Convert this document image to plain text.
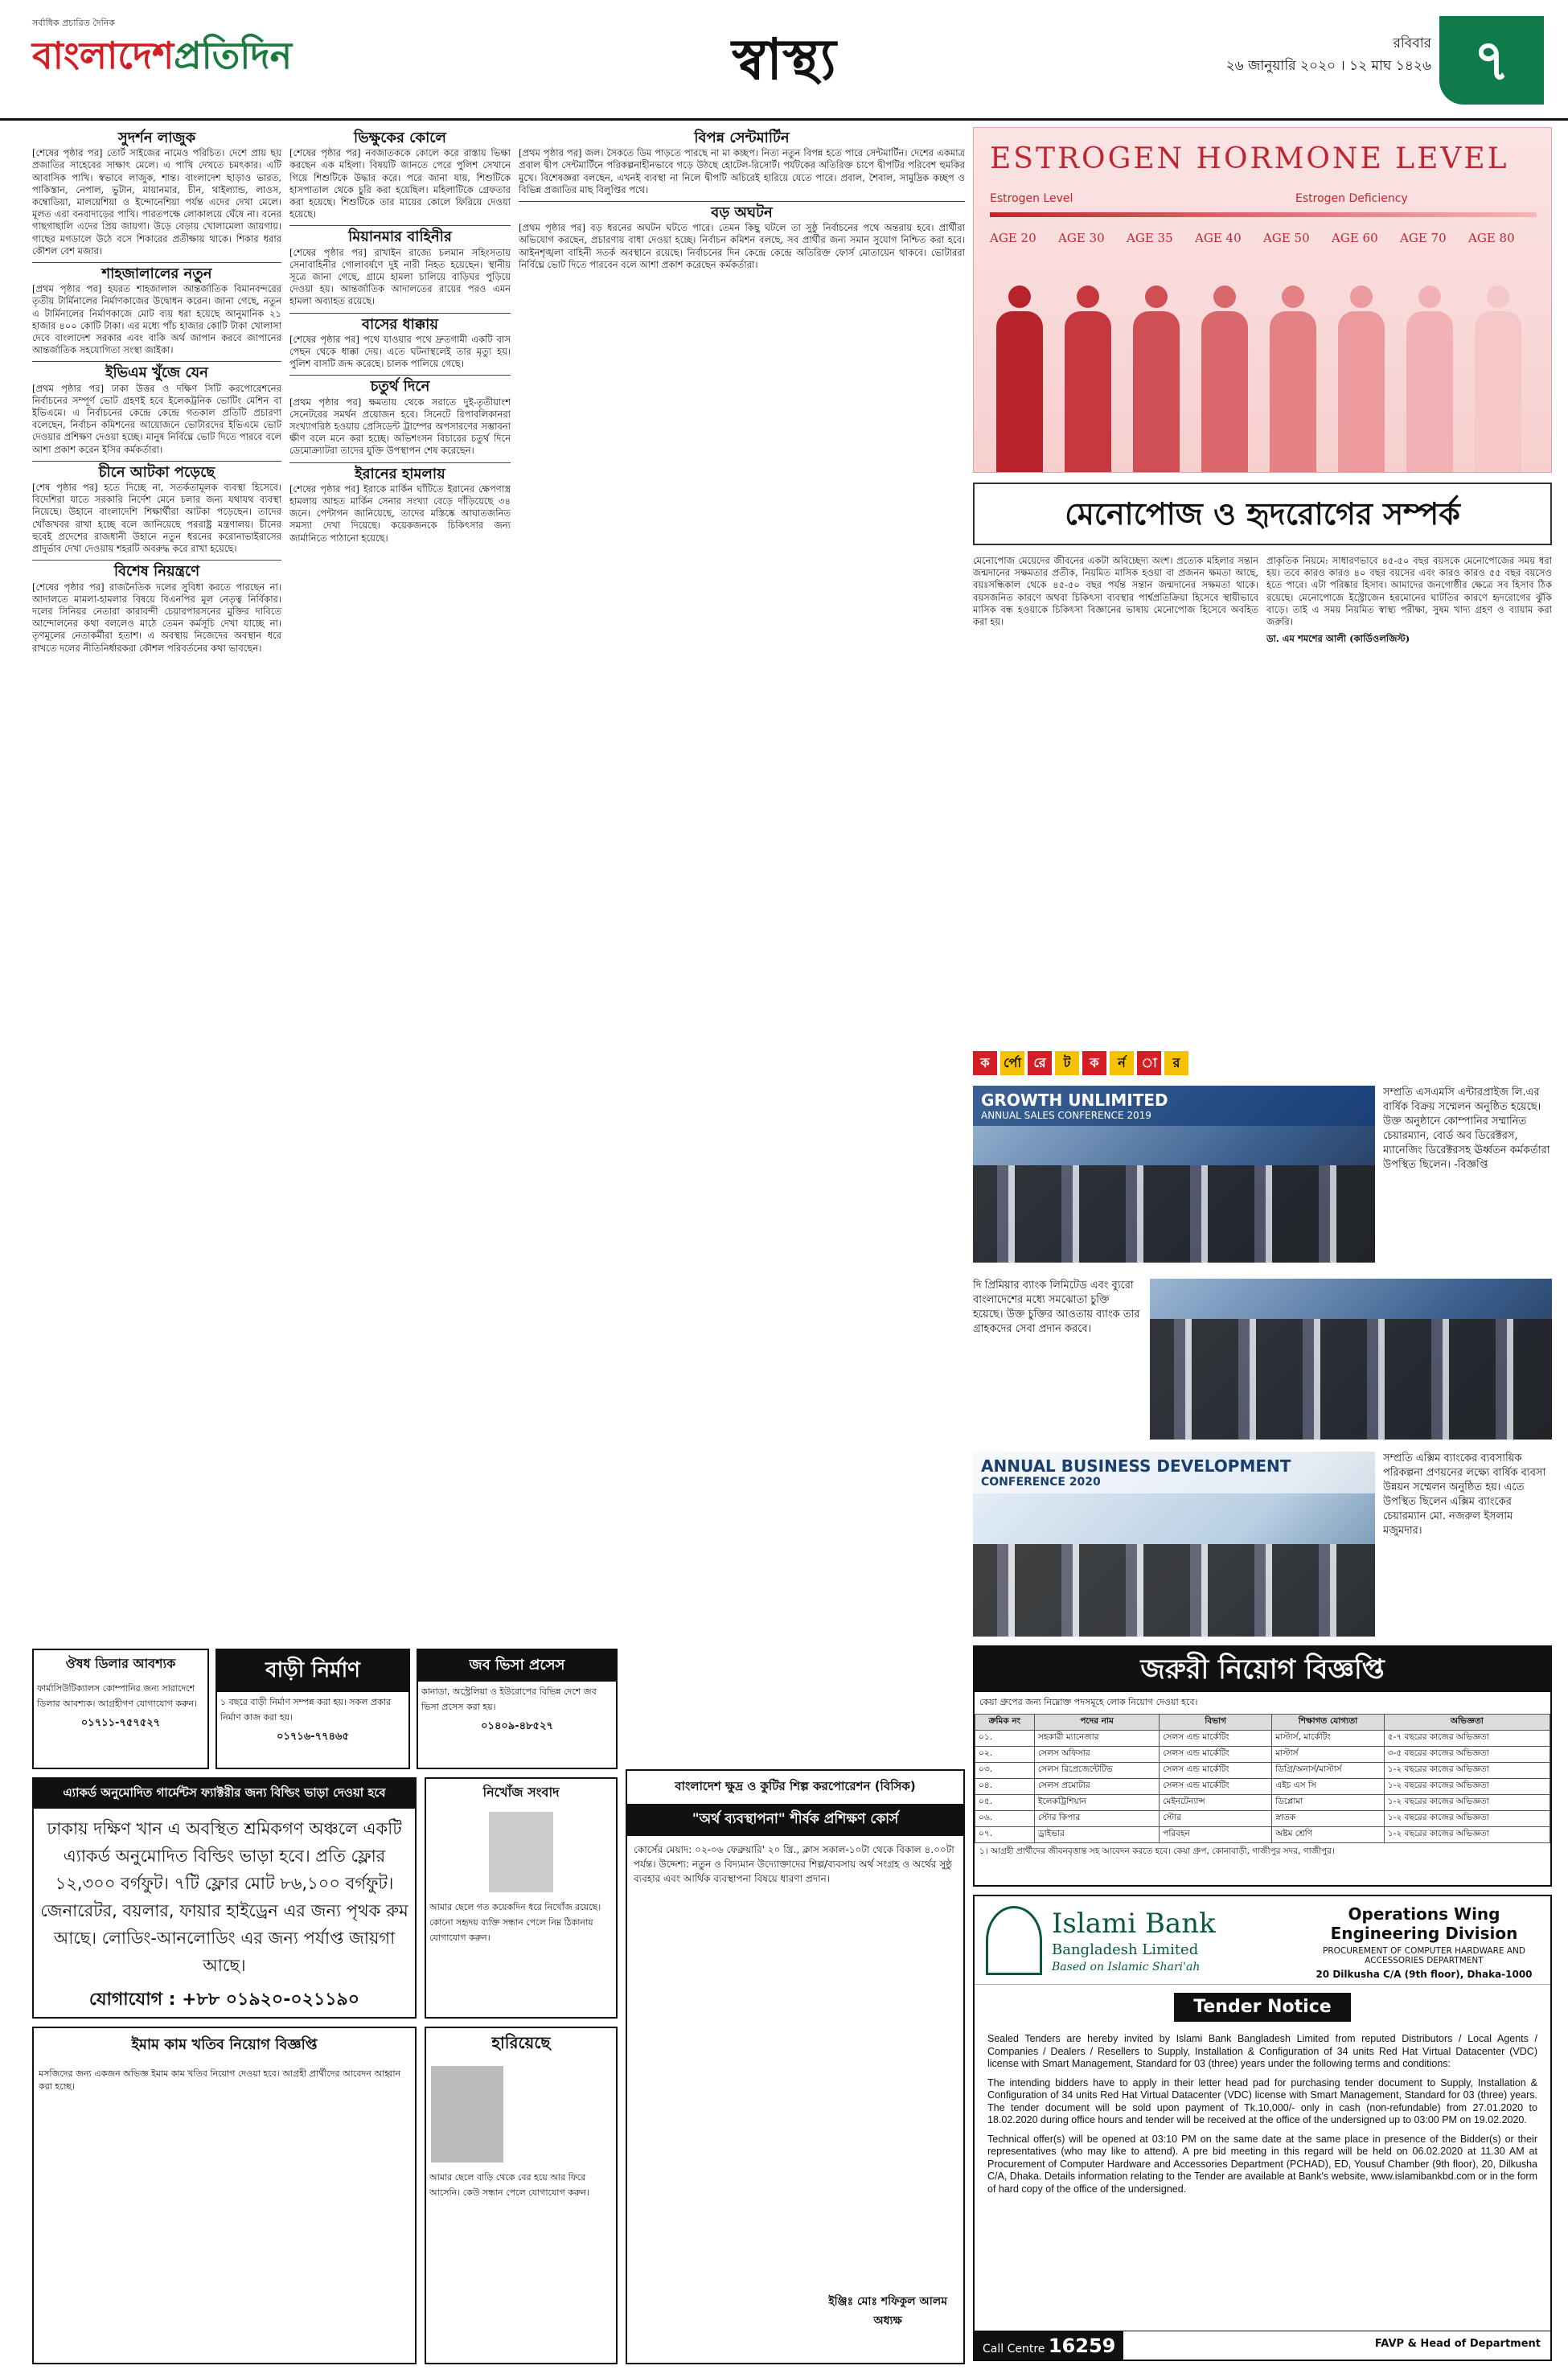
সর্বাধিক প্রচারিত দৈনিক
বাংলাদেশপ্রতিদিন	স্বাস্থ্য	রবিবার
২৬ জানুয়ারি ২০২০ । ১২ মাঘ ১৪২৬ ৭
সুদর্শন লাজুক

[শেষের পৃষ্ঠার পর] তোর্ট সাইজের নামেও পরিচিত। দেশে প্রায় ছয় প্রজাতির সাহেবের সাক্ষাৎ মেলে। এ পাখি দেখতে চমৎকার। এটি আবাসিক পাখি। স্বভাবে লাজুক, শান্ত। বাংলাদেশ ছাড়াও ভারত, পাকিস্তান, নেপাল, ভুটান, মায়ানমার, চীন, থাইল্যান্ড, লাওস, কম্বোডিয়া, মালয়েশিয়া ও ইন্দোনেশিয়া পর্যন্ত এদের দেখা মেলে। মূলত এরা বনবাদাড়ের পাখি। পারতপক্ষে লোকালয়ে ঘেঁষে না। বনের গাছগাছালি এদের প্রিয় জায়গা। উড়ে বেড়ায় খোলামেলা জায়গায়। গাছের মগডালে উঠে বসে শিকারের প্রতীক্ষায় থাকে। শিকার ধরার কৌশল বেশ মজার।

শাহজালালের নতুন

[প্রথম পৃষ্ঠার পর] হযরত শাহজালাল আন্তর্জাতিক বিমানবন্দরের তৃতীয় টার্মিনালের নির্মাণকাজের উদ্বোধন করেন। জানা গেছে, নতুন এ টার্মিনালের নির্মাণকাজে মোট ব্যয় ধরা হয়েছে আনুমানিক ২১ হাজার ৪০০ কোটি টাকা। এর মধ্যে পাঁচ হাজার কোটি টাকা খোলাসা দেবে বাংলাদেশ সরকার এবং বাকি অর্থ জাপান করবে জাপানের আন্তর্জাতিক সহযোগিতা সংস্থা জাইকা।

ইভিএম খুঁজে যেন

[প্রথম পৃষ্ঠার পর] ঢাকা উত্তর ও দক্ষিণ সিটি করপোরেশনের নির্বাচনের সম্পূর্ণ ভোট গ্রহণই হবে ইলেকট্রনিক ভোটিং মেশিন বা ইভিএমে। এ নির্বাচনের কেন্দ্রে কেন্দ্রে গতকাল প্রতিটি প্রচারণা বলেছেন, নির্বাচন কমিশনের আয়োজনে ভোটারদের ইভিএমে ভোট দেওয়ার প্রশিক্ষণ দেওয়া হচ্ছে। মানুষ নির্বিঘ্নে ভোট দিতে পারবে বলে আশা প্রকাশ করেন ইসির কর্মকর্তারা।

চীনে আটকা পড়েছে

[শেষ পৃষ্ঠার পর] হতে দিচ্ছে না, সতর্কতামূলক ব্যবস্থা হিসেবে। বিদেশিরা যাতে সরকারি নির্দেশ মেনে চলার জন্য যথাযথ ব্যবস্থা নিয়েছে। উহানে বাংলাদেশি শিক্ষার্থীরা আটকা পড়েছেন। তাদের খোঁজখবর রাখা হচ্ছে বলে জানিয়েছে পররাষ্ট্র মন্ত্রণালয়। চীনের হুবেই প্রদেশের রাজধানী উহানে নতুন ধরনের করোনাভাইরাসের প্রাদুর্ভাব দেখা দেওয়ায় শহরটি অবরুদ্ধ করে রাখা হয়েছে।

বিশেষ নিয়ন্ত্রণে

[শেষের পৃষ্ঠার পর] রাজনৈতিক দলের সুবিধা করতে পারছেন না। আদালতে মামলা-হামলার বিষয়ে বিএনপির মূল নেতৃত্ব নির্বিকার। দলের সিনিয়র নেতারা কারাবন্দী চেয়ারপারসনের মুক্তির দাবিতে আন্দোলনের কথা বললেও মাঠে তেমন কর্মসূচি দেখা যাচ্ছে না। তৃণমূলের নেতাকর্মীরা হতাশ। এ অবস্থায় নিজেদের অবস্থান ধরে রাখতে দলের নীতিনির্ধারকরা কৌশল পরিবর্তনের কথা ভাবছেন।

ভিক্ষুকের কোলে

[শেষের পৃষ্ঠার পর] নবজাতককে কোলে করে রাস্তায় ভিক্ষা করছেন এক মহিলা। বিষয়টি জানতে পেরে পুলিশ সেখানে গিয়ে শিশুটিকে উদ্ধার করে। পরে জানা যায়, শিশুটিকে হাসপাতাল থেকে চুরি করা হয়েছিল। মহিলাটিকে গ্রেফতার করা হয়েছে। শিশুটিকে তার মায়ের কোলে ফিরিয়ে দেওয়া হয়েছে।

মিয়ানমার বাহিনীর

[শেষের পৃষ্ঠার পর] রাখাইন রাজ্যে চলমান সহিংসতায় সেনাবাহিনীর গোলাবর্ষণে দুই নারী নিহত হয়েছেন। স্থানীয় সূত্রে জানা গেছে, গ্রামে হামলা চালিয়ে বাড়িঘর পুড়িয়ে দেওয়া হয়। আন্তর্জাতিক আদালতের রায়ের পরও এমন হামলা অব্যাহত রয়েছে।

বাসের ধাক্কায়

[শেষের পৃষ্ঠার পর] পথে যাওয়ার পথে দ্রুতগামী একটি বাস পেছন থেকে ধাক্কা দেয়। এতে ঘটনাস্থলেই তার মৃত্যু হয়। পুলিশ বাসটি জব্দ করেছে। চালক পালিয়ে গেছে।

চতুর্থ দিনে

[প্রথম পৃষ্ঠার পর] ক্ষমতায় থেকে সরাতে দুই-তৃতীয়াংশ সেনেটরের সমর্থন প্রয়োজন হবে। সিনেটে রিপাবলিকানরা সংখ্যাগরিষ্ঠ হওয়ায় প্রেসিডেন্ট ট্রাম্পের অপসারণের সম্ভাবনা ক্ষীণ বলে মনে করা হচ্ছে। অভিশংসন বিচারের চতুর্থ দিনে ডেমোক্র্যাটরা তাদের যুক্তি উপস্থাপন শেষ করেছেন।

ইরানের হামলায়

[শেষের পৃষ্ঠার পর] ইরাকে মার্কিন ঘাঁটিতে ইরানের ক্ষেপণাস্ত্র হামলায় আহত মার্কিন সেনার সংখ্যা বেড়ে দাঁড়িয়েছে ৩৪ জনে। পেন্টাগন জানিয়েছে, তাদের মস্তিষ্কে আঘাতজনিত সমস্যা দেখা দিয়েছে। কয়েকজনকে চিকিৎসার জন্য জার্মানিতে পাঠানো হয়েছে।

বিপন্ন সেন্টমার্টিন

[প্রথম পৃষ্ঠার পর] জল। সৈকতে ডিম পাড়তে পারছে না মা কচ্ছপ। নিত্য নতুন বিপন্ন হতে পারে সেন্টমার্টিন। দেশের একমাত্র প্রবাল দ্বীপ সেন্টমার্টিনে পরিকল্পনাহীনভাবে গড়ে উঠছে হোটেল-রিসোর্ট। পর্যটকের অতিরিক্ত চাপে দ্বীপটির পরিবেশ হুমকির মুখে। বিশেষজ্ঞরা বলছেন, এখনই ব্যবস্থা না নিলে দ্বীপটি অচিরেই হারিয়ে যেতে পারে। প্রবাল, শৈবাল, সামুদ্রিক কচ্ছপ ও বিভিন্ন প্রজাতির মাছ বিলুপ্তির পথে।

বড় অঘটন

[প্রথম পৃষ্ঠার পর] বড় ধরনের অঘটন ঘটতে পারে। তেমন কিছু ঘটলে তা সুষ্ঠু নির্বাচনের পথে অন্তরায় হবে। প্রার্থীরা অভিযোগ করছেন, প্রচারণায় বাধা দেওয়া হচ্ছে। নির্বাচন কমিশন বলছে, সব প্রার্থীর জন্য সমান সুযোগ নিশ্চিত করা হবে। আইনশৃঙ্খলা বাহিনী সতর্ক অবস্থানে রয়েছে। নির্বাচনের দিন কেন্দ্রে কেন্দ্রে অতিরিক্ত ফোর্স মোতায়েন থাকবে। ভোটাররা নির্বিঘ্নে ভোট দিতে পারবেন বলে আশা প্রকাশ করেছেন কর্মকর্তারা।

ESTROGEN HORMONE LEVEL
Estrogen Level	Estrogen Deficiency
AGE 20 AGE 30 AGE 35 AGE 40 AGE 50 AGE 60 AGE 70 AGE 80
মেনোপোজ ও হৃদরোগের সম্পর্ক

মেনোপোজ মেয়েদের জীবনের একটা অবিচ্ছেদ্য অংশ। প্রত্যেক মহিলার সন্তান জন্মদানের সক্ষমতার প্রতীক, নিয়মিত মাসিক হওয়া বা প্রজনন ক্ষমতা আছে, বয়ঃসন্ধিকাল থেকে ৪৫-৫০ বছর পর্যন্ত সন্তান জন্মদানের সক্ষমতা থাকে। বয়সজনিত কারণে অথবা চিকিৎসা ব্যবস্থার পার্শ্বপ্রতিক্রিয়া হিসেবে স্থায়ীভাবে মাসিক বন্ধ হওয়াকে চিকিৎসা বিজ্ঞানের ভাষায় মেনোপোজ হিসেবে অবহিত করা হয়।

প্রাকৃতিক নিয়মে: সাধারণভাবে ৪৫-৫০ বছর বয়সকে মেনোপোজের সময় ধরা হয়। তবে কারও কারও ৪০ বছর বয়সের এবং কারও কারও ৫৫ বছর বয়সেও হতে পারে। এটা পরিষ্কার হিসাব। আমাদের জনগোষ্ঠীর ক্ষেত্রে সব হিসাব ঠিক রয়েছে। মেনোপোজে ইস্ট্রোজেন হরমোনের ঘাটতির কারণে হৃদরোগের ঝুঁকি বাড়ে। তাই এ সময় নিয়মিত স্বাস্থ্য পরীক্ষা, সুষম খাদ্য গ্রহণ ও ব্যায়াম করা জরুরি।

ডা. এম শমশের আলী (কার্ডিওলজিস্ট)

ক	র্পো রে	ট	ক	র্ন	া	র
GROWTH UNLIMITED
ANNUAL SALES CONFERENCE 2019
সম্প্রতি এসএমসি এন্টারপ্রাইজ লি.এর বার্ষিক বিক্রয় সম্মেলন অনুষ্ঠিত হয়েছে। উক্ত অনুষ্ঠানে কোম্পানির সম্মানিত চেয়ারম্যান, বোর্ড অব ডিরেক্টরস, ম্যানেজিং ডিরেক্টরসহ ঊর্ধ্বতন কর্মকর্তারা উপস্থিত ছিলেন। -বিজ্ঞপ্তি
দি প্রিমিয়ার ব্যাংক লিমিটেড এবং ব্যুরো বাংলাদেশের মধ্যে সমঝোতা চুক্তি হয়েছে। উক্ত চুক্তির আওতায় ব্যাংক তার গ্রাহকদের সেবা প্রদান করবে।
ANNUAL BUSINESS DEVELOPMENT
CONFERENCE 2020
সম্প্রতি এক্সিম ব্যাংকের ব্যবসায়িক পরিকল্পনা প্রণয়নের লক্ষ্যে বার্ষিক ব্যবসা উন্নয়ন সম্মেলন অনুষ্ঠিত হয়। এতে উপস্থিত ছিলেন এক্সিম ব্যাংকের চেয়ারম্যান মো. নজরুল ইসলাম মজুমদার।
জরুরী নিয়োগ বিজ্ঞপ্তি
কেয়া গ্রুপের জন্য নিম্নোক্ত পদসমূহে লোক নিয়োগ দেওয়া হবে।
ক্রমিক নং	পদের নাম	বিভাগ	শিক্ষাগত যোগ্যতা	অভিজ্ঞতা
০১.	সহকারী ম্যানেজার	সেলস এন্ড মার্কেটিং	মাস্টার্স, মার্কেটিং	৫-৭ বছরের কাজের অভিজ্ঞতা
০২.	সেলস অফিসার	সেলস এন্ড মার্কেটিং	মাস্টার্স	৩-৫ বছরের কাজের অভিজ্ঞতা
০৩.	সেলস রিপ্রেজেন্টেটিভ	সেলস এন্ড মার্কেটিং	ডিগ্রি/অনার্স/মাস্টার্স	১-২ বছরের কাজের অভিজ্ঞতা
০৪.	সেলস প্রমোটার	সেলস এন্ড মার্কেটিং	এইচ এস সি	১-২ বছরের কাজের অভিজ্ঞতা
০৫.	ইলেকট্রিশিয়ান	মেইনটেন্যান্স	ডিপ্লোমা	১-২ বছরের কাজের অভিজ্ঞতা
০৬.	স্টোর কিপার	স্টোর	স্নাতক	১-২ বছরের কাজের অভিজ্ঞতা
০৭.	ড্রাইভার	পরিবহন	অষ্টম শ্রেণি	১-২ বছরের কাজের অভিজ্ঞতা
১। আগ্রহী প্রার্থীদের জীবনবৃত্তান্ত সহ আবেদন করতে হবে। কেয়া গ্রুপ, কোনাবাড়ী, গাজীপুর সদর, গাজীপুর।
Islami Bank
Bangladesh Limited
Based on Islamic Shari'ah
Operations Wing
Engineering Division
PROCUREMENT OF COMPUTER HARDWARE AND ACCESSORIES DEPARTMENT
20 Dilkusha C/A (9th floor), Dhaka-1000
Tender Notice

Sealed Tenders are hereby invited by Islami Bank Bangladesh Limited from reputed Distributors / Local Agents / Companies / Dealers / Resellers to Supply, Installation & Configuration of 34 units Red Hat Virtual Datacenter (VDC) license with Smart Management, Standard for 03 (three) years under the following terms and conditions:

The intending bidders have to apply in their letter head pad for purchasing tender document to Supply, Installation & Configuration of 34 units Red Hat Virtual Datacenter (VDC) license with Smart Management, Standard for 03 (three) years. The tender document will be sold upon payment of Tk.10,000/- only in cash (non-refundable) from 27.01.2020 to 18.02.2020 during office hours and tender will be received at the office of the undersigned up to 03:00 PM on 19.02.2020.

Technical offer(s) will be opened at 03:10 PM on the same date at the same place in presence of the Bidder(s) or their representatives (who may like to attend). A pre bid meeting in this regard will be held on 06.02.2020 at 11.30 AM at Procurement of Computer Hardware and Accessories Department (PCHAD), ED, Yousuf Chamber (9th floor), 20, Dilkusha C/A, Dhaka. Details information relating to the Tender are available at Bank's website, www.islamibankbd.com or in the form of hard copy of the office of the undersigned.

Call Centre 16259	FAVP & Head of Department
ঔষধ ডিলার আবশ্যক
ফার্মাসিউটিক্যালস কোম্পানির জন্য সারাদেশে ডিলার আবশ্যক। আগ্রহীগণ যোগাযোগ করুন।
০১৭১১-৭৫৭৫২৭
বাড়ী নির্মাণ
১ বছরে বাড়ী নির্মাণ সম্পন্ন করা হয়। সকল প্রকার নির্মাণ কাজ করা হয়।
০১৭১৬-৭৭৪৬৫
জব ভিসা প্রসেস
কানাডা, অস্ট্রেলিয়া ও ইউরোপের বিভিন্ন দেশে জব ভিসা প্রসেস করা হয়।
০১৪০৯-৪৮৫২৭
এ্যাকর্ড অনুমোদিত গার্মেন্টস ফ্যাক্টরীর জন্য বিল্ডিং ভাড়া দেওয়া হবে
ঢাকায় দক্ষিণ খান এ অবস্থিত শ্রমিকগণ অঞ্চলে একটি এ্যাকর্ড অনুমোদিত বিল্ডিং ভাড়া হবে। প্রতি ফ্লোর ১২,৩০০ বর্গফুট। ৭টি ফ্লোর মোট ৮৬,১০০ বর্গফুট। জেনারেটর, বয়লার, ফায়ার হাইড্রেন এর জন্য পৃথক রুম আছে। লোডিং-আনলোডিং এর জন্য পর্যাপ্ত জায়গা আছে।
যোগাযোগ : +৮৮ ০১৯২০-০২১১৯০
নিখোঁজ সংবাদ
আমার ছেলে গত কয়েকদিন ধরে নিখোঁজ রয়েছে। কোনো সহৃদয় ব্যক্তি সন্ধান পেলে নিম্ন ঠিকানায় যোগাযোগ করুন।
ইমাম কাম খতিব নিয়োগ বিজ্ঞপ্তি
মসজিদের জন্য একজন অভিজ্ঞ ইমাম কাম খতিব নিয়োগ দেওয়া হবে। আগ্রহী প্রার্থীদের আবেদন আহ্বান করা হচ্ছে।
হারিয়েছে
আমার ছেলে বাড়ি থেকে বের হয়ে আর ফিরে আসেনি। কেউ সন্ধান পেলে যোগাযোগ করুন।
বাংলাদেশ ক্ষুদ্র ও কুটির শিল্প করপোরেশন (বিসিক)
"অর্থ ব্যবস্থাপনা" শীর্ষক প্রশিক্ষণ কোর্স
কোর্সের মেয়াদ: ০২-০৬ ফেব্রুয়ারি' ২০ খ্রি., ক্লাস সকাল-১০টা থেকে বিকাল ৪.০০টা পর্যন্ত। উদ্দেশ্য: নতুন ও বিদ্যমান উদ্যোক্তাদের শিল্প/ব্যবসায় অর্থ সংগ্রহ ও অর্থের সুষ্ঠু ব্যবহার এবং আর্থিক ব্যবস্থাপনা বিষয়ে ধারণা প্রদান।
ইঞ্জিঃ মোঃ শফিকুল আলম
অধ্যক্ষ
